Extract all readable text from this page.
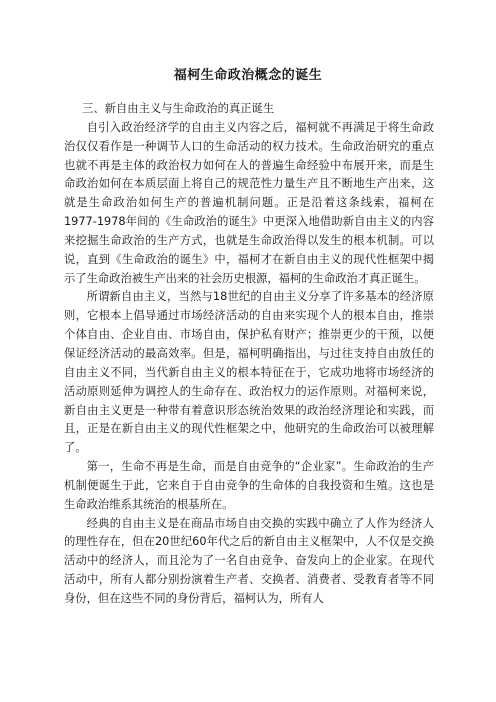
福柯生命政治概念的诞生

三、新自由主义与生命政治的真正诞生

自引入政治经济学的自由主义内容之后，福柯就不再满足于将生命政治仅仅看作是一种调节人口的生命活动的权力技术。生命政治研究的重点也就不再是主体的政治权力如何在人的普遍生命经验中布展开来，而是生命政治如何在本质层面上将自己的规范性力量生产且不断地生产出来，这就是生命政治如何生产的普遍机制问题。正是沿着这条线索，福柯在1977-1978年间的《生命政治的诞生》中更深入地借助新自由主义的内容来挖掘生命政治的生产方式，也就是生命政治得以发生的根本机制。可以说，直到《生命政治的诞生》中，福柯才在新自由主义的现代性框架中揭示了生命政治被生产出来的社会历史根源，福柯的生命政治才真正诞生。

所谓新自由主义，当然与18世纪的自由主义分享了许多基本的经济原则，它根本上倡导通过市场经济活动的自由来实现个人的根本自由，推崇个体自由、企业自由、市场自由，保护私有财产；推崇更少的干预，以便保证经济活动的最高效率。但是，福柯明确指出，与过往支持自由放任的自由主义不同，当代新自由主义的根本特征在于，它成功地将市场经济的活动原则延伸为调控人的生命存在、政治权力的运作原则。对福柯来说，新自由主义更是一种带有着意识形态统治效果的政治经济理论和实践，而且，正是在新自由主义的现代性框架之中，他研究的生命政治可以被理解了。

第一，生命不再是生命，而是自由竞争的“企业家”。生命政治的生产机制便诞生于此，它来自于自由竞争的生命体的自我投资和生殖。这也是生命政治维系其统治的根基所在。

经典的自由主义是在商品市场自由交换的实践中确立了人作为经济人的理性存在，但在20世纪60年代之后的新自由主义框架中，人不仅是交换活动中的经济人，而且沦为了一名自由竞争、奋发向上的企业家。在现代活动中，所有人都分别扮演着生产者、交换者、消费者、受教育者等不同身份，但在这些不同的身份背后，福柯认为，所有人
